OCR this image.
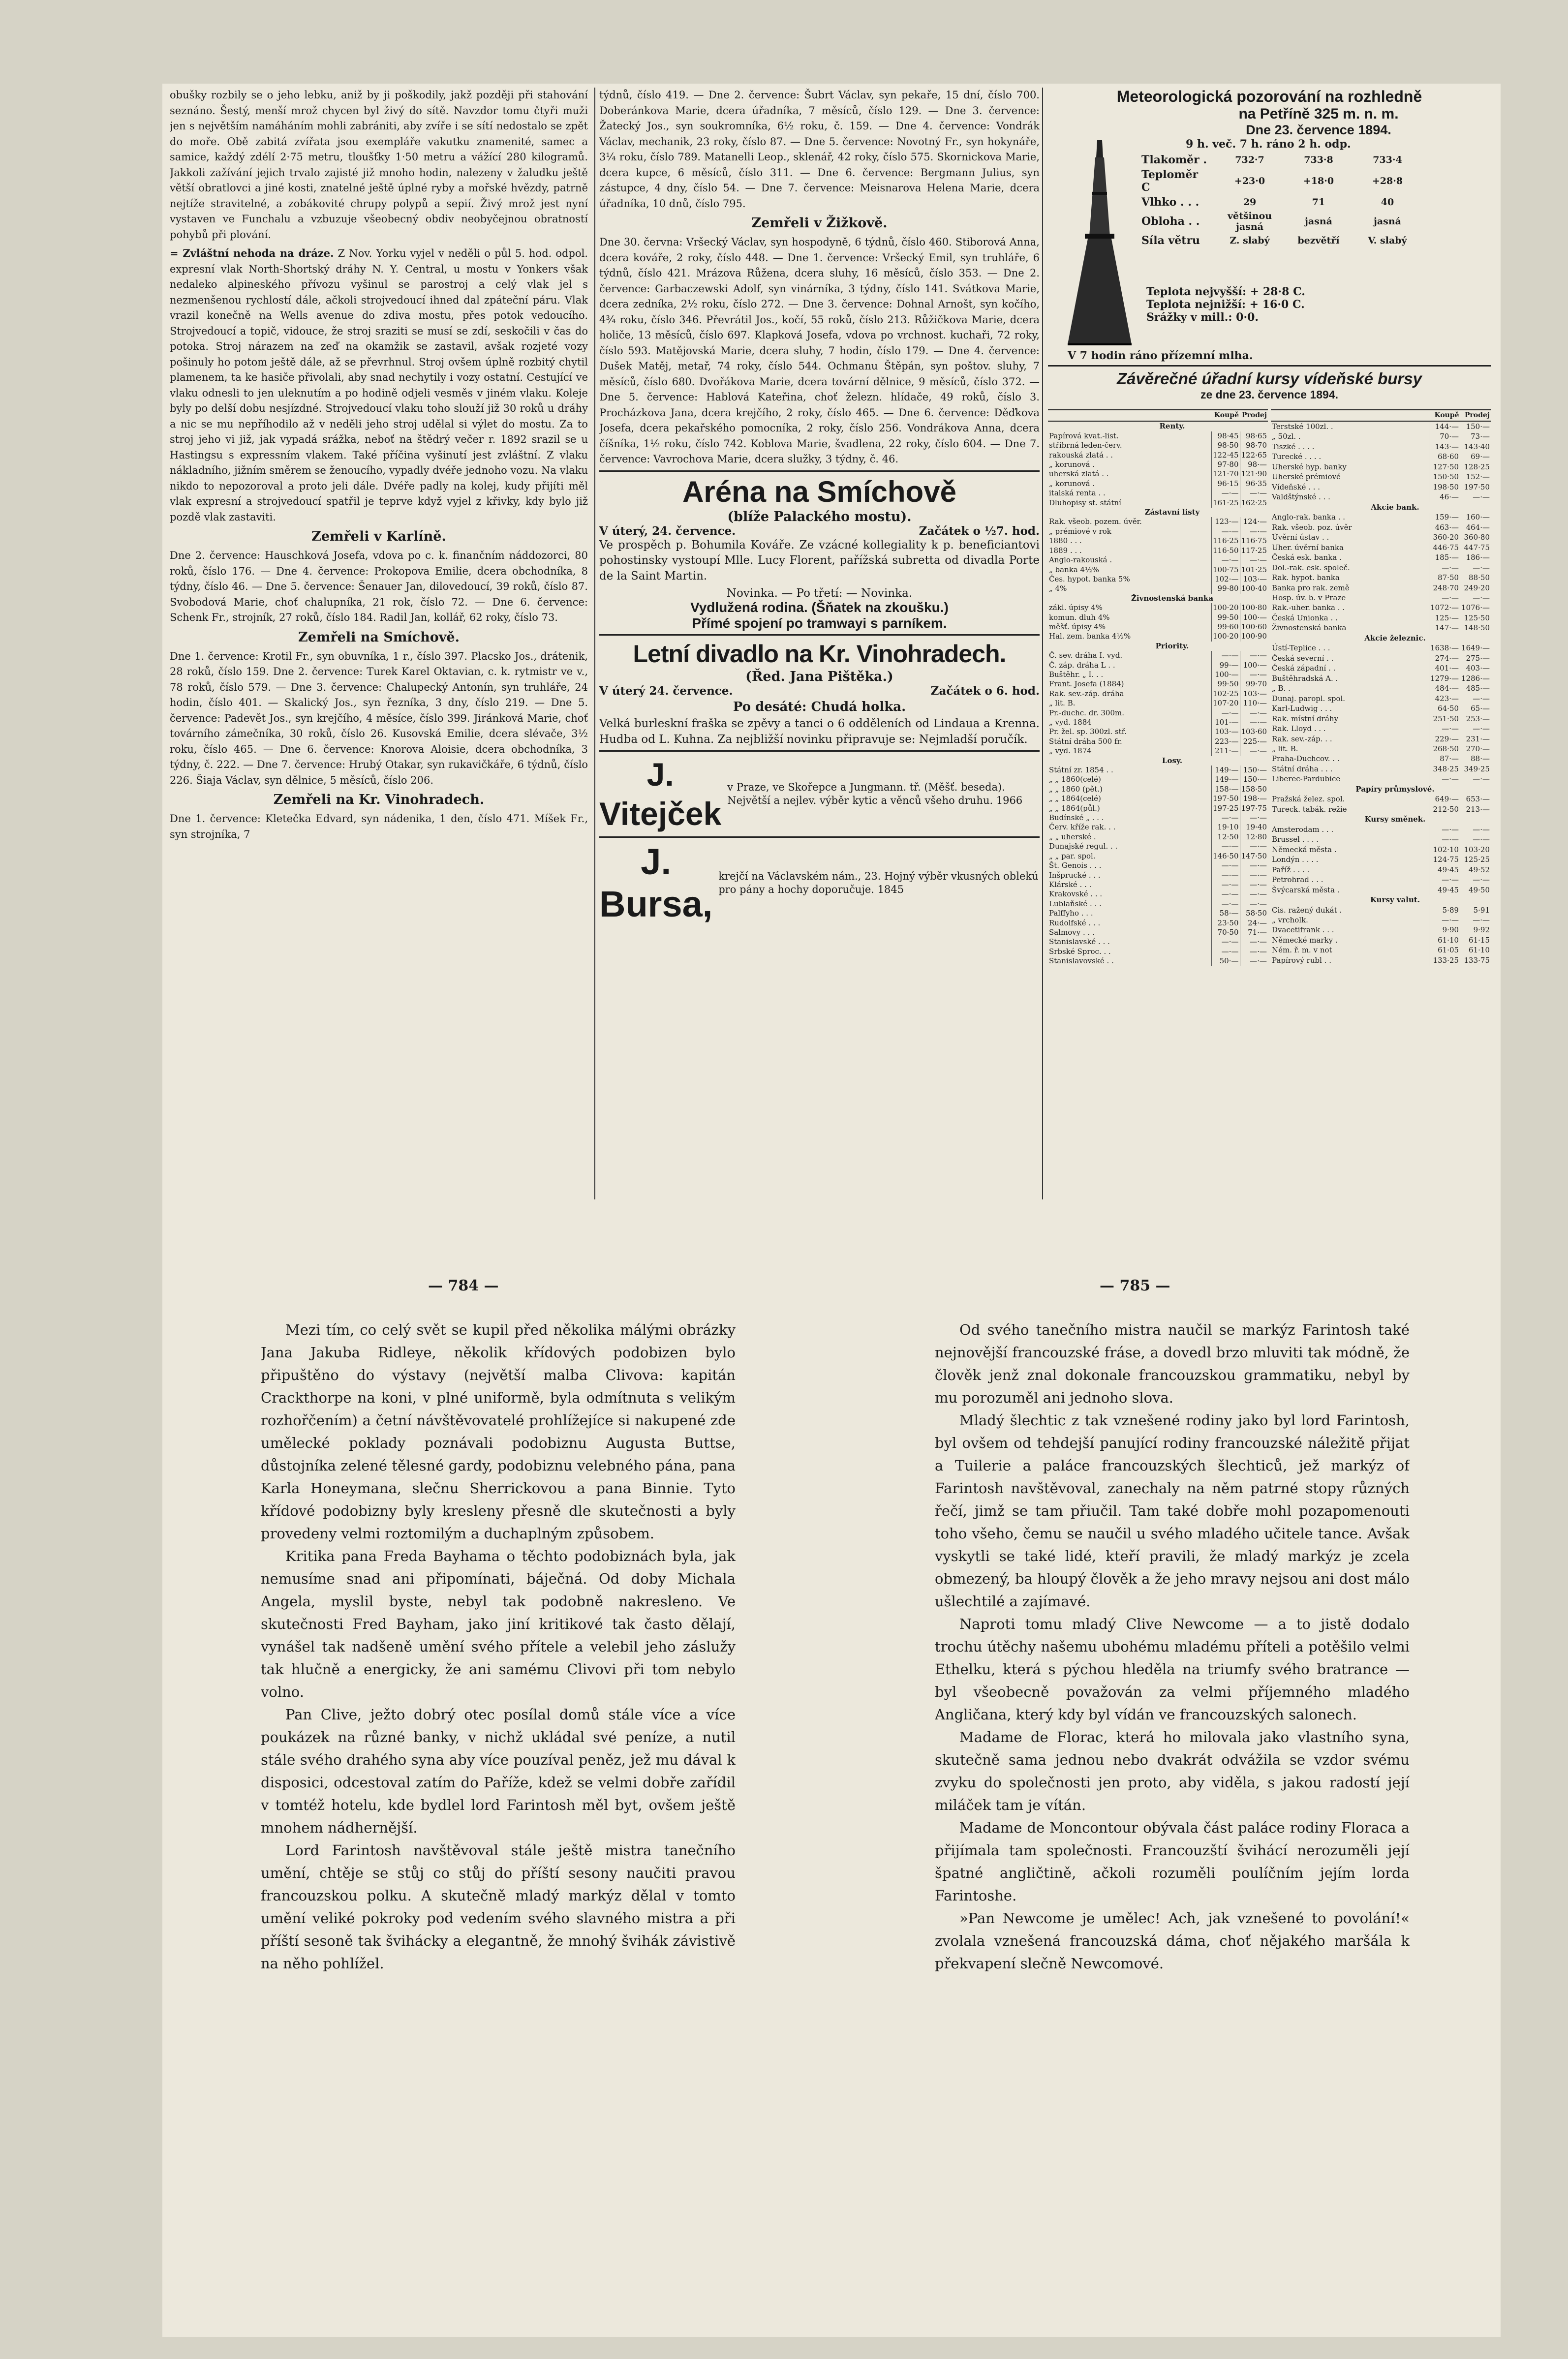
obušky rozbily se o jeho lebku, aniž by ji poškodily, jakž později při stahování seznáno. Šestý, menší mrož chycen byl živý do sítě. Navzdor tomu čtyři muži jen s největším namáháním mohli zabrániti, aby zvíře i se sítí nedostalo se zpět do moře. Obě zabitá zvířata jsou exempláře vakutku znamenité, samec a samice, každý zdélí 2·75 metru, tloušťky 1·50 metru a vážící 280 kilogramů. Jakkoli zažívání jejich trvalo zajisté již mnoho hodin, nalezeny v žaludku ještě větší obratlovci a jiné kosti, znatelné ještě úplné ryby a mořské hvězdy, patrně nejtíže stravitelné, a zobákovité chrupy polypů a sepií. Živý mrož jest nyní vystaven ve Funchalu a vzbuzuje všeobecný obdiv neobyčejnou obratností pohybů při plování.

= Zvláštní nehoda na dráze. Z Nov. Yorku vyjel v neděli o půl 5. hod. odpol. expresní vlak North-Shortský dráhy N. Y. Central, u mostu v Yonkers však nedaleko alpineského přívozu vyšinul se parostroj a celý vlak jel s nezmenšenou rychlostí dále, ačkoli strojvedoucí ihned dal zpáteční páru. Vlak vrazil konečně na Wells avenue do zdiva mostu, přes potok vedoucího. Strojvedoucí a topič, vidouce, že stroj sraziti se musí se zdí, seskočili v čas do potoka. Stroj nárazem na zeď na okamžik se zastavil, avšak rozjeté vozy pošinuly ho potom ještě dále, až se převrhnul. Stroj ovšem úplně rozbitý chytil plamenem, ta ke hasiče přivolali, aby snad nechytily i vozy ostatní. Cestující ve vlaku odnesli to jen uleknutím a po hodině odjeli vesměs v jiném vlaku. Koleje byly po delší dobu nesjízdné. Strojvedoucí vlaku toho slouží již 30 roků u dráhy a nic se mu nepříhodilo až v neděli jeho stroj udělal si výlet do mostu. Za to stroj jeho vi již, jak vypadá srážka, neboť na štědrý večer r. 1892 srazil se u Hastingsu s expressním vlakem. Také příčina vyšinutí jest zvláštní. Z vlaku nákladního, jižním směrem se ženoucího, vypadly dvéře jednoho vozu. Na vlaku nikdo to nepozoroval a proto jeli dále. Dvéře padly na kolej, kudy přijíti měl vlak expresní a strojvedoucí spatřil je teprve když vyjel z křivky, kdy bylo již pozdě vlak zastaviti.

Zemřeli v Karlíně.

Dne 2. července: Hauschková Josefa, vdova po c. k. finančním náddozorci, 80 roků, číslo 176. — Dne 4. července: Prokopova Emilie, dcera obchodníka, 8 týdny, číslo 46. — Dne 5. července: Šenauer Jan, dilovedoucí, 39 roků, číslo 87. Svobodová Marie, choť chalupníka, 21 rok, číslo 72. — Dne 6. července: Schenk Fr., strojník, 27 roků, číslo 184. Radil Jan, kollář, 62 roky, číslo 73.

Zemřeli na Smíchově.

Dne 1. července: Krotil Fr., syn obuvníka, 1 r., číslo 397. Placsko Jos., drátenik, 28 roků, číslo 159. Dne 2. července: Turek Karel Oktavian, c. k. rytmistr ve v., 78 roků, číslo 579. — Dne 3. července: Chalupecký Antonín, syn truhláře, 24 hodin, číslo 401. — Skalický Jos., syn řezníka, 3 dny, číslo 219. — Dne 5. července: Padevět Jos., syn krejčího, 4 měsíce, číslo 399. Jiránková Marie, choť továrního zámečníka, 30 roků, číslo 26. Kusovská Emilie, dcera slévače, 3½ roku, číslo 465. — Dne 6. července: Knorova Aloisie, dcera obchodníka, 3 týdny, č. 222. — Dne 7. července: Hrubý Otakar, syn rukavičkáře, 6 týdnů, číslo 226. Šiaja Václav, syn dělnice, 5 měsíců, číslo 206.

Zemřeli na Kr. Vinohradech.

Dne 1. července: Kletečka Edvard, syn nádenika, 1 den, číslo 471. Míšek Fr., syn strojníka, 7

týdnů, číslo 419. — Dne 2. července: Šubrt Václav, syn pekaře, 15 dní, číslo 700. Doberánkova Marie, dcera úřadníka, 7 měsíců, číslo 129. — Dne 3. července: Žatecký Jos., syn soukromníka, 6½ roku, č. 159. — Dne 4. července: Vondrák Václav, mechanik, 23 roky, číslo 87. — Dne 5. července: Novotný Fr., syn hokynáře, 3¼ roku, číslo 789. Matanelli Leop., sklenář, 42 roky, číslo 575. Skornickova Marie, dcera kupce, 6 měsíců, číslo 311. — Dne 6. července: Bergmann Julius, syn zástupce, 4 dny, číslo 54. — Dne 7. července: Meisnarova Helena Marie, dcera úřadníka, 10 dnů, číslo 795.

Zemřeli v Žižkově.

Dne 30. června: Vršecký Václav, syn hospodyně, 6 týdnů, číslo 460. Stiborová Anna, dcera kováře, 2 roky, číslo 448. — Dne 1. července: Vršecký Emil, syn truhláře, 6 týdnů, číslo 421. Mrázova Růžena, dcera sluhy, 16 měsíců, číslo 353. — Dne 2. července: Garbaczewski Adolf, syn vinárníka, 3 týdny, číslo 141. Svátkova Marie, dcera zedníka, 2½ roku, číslo 272. — Dne 3. července: Dohnal Arnošt, syn kočího, 4¾ roku, číslo 346. Převrátil Jos., kočí, 55 roků, číslo 213. Růžičkova Marie, dcera holiče, 13 měsíců, číslo 697. Klapková Josefa, vdova po vrchnost. kuchaři, 72 roky, číslo 593. Matějovská Marie, dcera sluhy, 7 hodin, číslo 179. — Dne 4. července: Dušek Matěj, metař, 74 roky, číslo 544. Ochmanu Štěpán, syn poštov. sluhy, 7 měsíců, číslo 680. Dvořákova Marie, dcera tovární dělnice, 9 měsíců, číslo 372. — Dne 5. července: Hablová Kateřina, choť železn. hlídače, 49 roků, číslo 3. Procházkova Jana, dcera krejčího, 2 roky, číslo 465. — Dne 6. července: Děďkova Josefa, dcera pekařského pomocníka, 2 roky, číslo 256. Vondrákova Anna, dcera číšníka, 1½ roku, číslo 742. Koblova Marie, švadlena, 22 roky, číslo 604. — Dne 7. července: Vavrochova Marie, dcera služky, 3 týdny, č. 46.

Aréna na Smíchově
(blíže Palackého mostu).
V úterý, 24. července.	Začátek o ½7. hod.

Ve prospěch p. Bohumila Kováře. Ze vzácné kollegiality k p. beneficiantovi pohostinsky vystoupí Mlle. Lucy Florent, pařížská subretta od divadla Porte de la Saint Martin.

Novinka. — Po třetí: — Novinka.
Vydlužená rodina. (Šňatek na zkoušku.)
Přímé spojení po tramwayi s parníkem.
Letní divadlo na Kr. Vinohradech.
(Řed. Jana Pištěka.)
V úterý 24. července.	Začátek o 6. hod.
Po desáté: Chudá holka.

Velká burleskní fraška se zpěvy a tanci o 6 odděleních od Lindaua a Krenna. Hudba od L. Kuhna. Za nejbližší novinku připravuje se: Nejmladší poručík.

J. Vitejček
v Praze, ve Skořepce a Jungmann. tř. (Měšť. beseda). Největší a nejlev. výběr kytic a věnců všeho druhu. 1966
J. Bursa,
krejčí na Václavském nám., 23. Hojný výběr vkusných oblekú pro pány a hochy doporučuje. 1845
Meteorologická pozorování na rozhledně
na Petříně 325 m. n. m.
Dne 23. července 1894.
9 h. več. 7 h. ráno 2 h. odp.
Tlakoměr .	732·7	733·8	733·4
Teploměr C	+23·0	+18·0	+28·8
Vlhko . . .	29	71	40
Obloha . .	většinou jasná	jasná	jasná
Síla větru	Z. slabý	bezvětří	V. slabý
Teplota nejvyšší: + 28·8 C.
Teplota nejnižší: + 16·0 C.
Srážky v mill.: 0·0.
V 7 hodin ráno přízemní mlha.
Závěrečné úřadní kursy vídeňské bursy
ze dne 23. července 1894.
	Koupě	Prodej
Renty.		
Papírová kvat.-list.	98·45	98·65
stříbrná leden-červ.	98·50	98·70
rakouská zlatá . .	122·45	122·65
„ korunová .	97·80	98·—
uherská zlatá . .	121·70	121·90
„ korunová .	96·15	96·35
italská renta . .	—·—	—·—
Dluhopisy st. státní	161·25	162·25
Zástavní listy		
Rak. všeob. pozem. úvěr.	123·—	124·—
„ prémiové v rok	—·—	—·—
1880 . . .	116·25	116·75
1889 . . .	116·50	117·25
Anglo-rakouská .	—·—	—·—
„ banka 4½%	100·75	101·25
Čes. hypot. banka 5%	102·—	103·—
„ 4%	99·80	100·40
Živnostenská banka		
zákl. úpisy 4%	100·20	100·80
komun. dluh 4%	99·50	100·—
měšť. úpisy 4%	99·60	100·60
Hal. zem. banka 4½%	100·20	100·90
Priority.		
Č. sev. dráha I. vyd.	—·—	—·—
Č. záp. dráha L . .	99·—	100·—
Buštěhr. „ I. . .	100·—	—·—
Frant. Josefa (1884)	99·50	99·70
Rak. sev.-záp. dráha	102·25	103·—
„ lit. B.	107·20	110·—
Pr.-duchc. dr. 300m.	—·—	—·—
„ vyd. 1884	101·—	—·—
Pr. žel. sp. 300zl. stř.	103·—	103·60
Státní dráha 500 fr.	223·—	225·—
„ vyd. 1874	211·—	—·—
Losy.		
Státní zr. 1854 . .	149·—	150·—
„ „ 1860(celé)	149·—	150·—
„ „ 1860 (pět.)	158·—	158·50
„ „ 1864(celé)	197·50	198·—
„ „ 1864(půl.)	197·25	197·75
Budínské „ . . .	—·—	—·—
Červ. kříže rak. . .	19·10	19·40
„ „ uherské .	12·50	12·80
Dunajské regul. . .	—·—	—·—
„ „ par. spol.	146·50	147·50
Št. Genois . . .	—·—	—·—
Inšprucké . . .	—·—	—·—
Klárské . . .	—·—	—·—
Krakovské . . .	—·—	—·—
Lublaňské . . .	—·—	—·—
Palffyho . . .	58·—	58·50
Rudolfské . . .	23·50	24·—
Salmovy . . .	70·50	71·—
Stanislavské . . .	—·—	—·—
Srbské Sproc. . .	—·—	—·—
Stanislavovské . .	50·—	—·—
	Koupě	Prodej
Terstské 100zl. .	144·—	150·—
„ 50zl. .	70·—	73·—
Tiszké . . . .	143·—	143·40
Turecké . . . .	68·60	69·—
Uherské hyp. banky	127·50	128·25
Uherské prémiové	150·50	152·—
Vídeňské . . .	198·50	197·50
Valdštýnské . . .	46·—	—·—
Akcie bank.		
Anglo-rak. banka . .	159·—	160·—
Rak. všeob. poz. úvěr	463·—	464·—
Úvěrní ústav . .	360·20	360·80
Uher. úvěrní banka	446·75	447·75
Česká esk. banka .	185·—	186·—
Dol.-rak. esk. společ.	—·—	—·—
Rak. hypot. banka	87·50	88·50
Banka pro rak. země	248·70	249·20
Hosp. úv. b. v Praze	—·—	—·—
Rak.-uher. banka . .	1072·—	1076·—
Česká Unionka . .	125·—	125·50
Živnostenská banka	147·—	148·50
Akcie železnic.		
Ústí-Teplice . . .	1638·—	1649·—
Česká severní . .	274·—	275·—
Česká západní . .	401·—	403·—
Buštěhradská A. .	1279·—	1286·—
„ B. .	484·—	485·—
Dunaj. paropl. spol.	423·—	—·—
Karl-Ludwig . . .	64·50	65·—
Rak. místní dráhy	251·50	253·—
Rak. Lloyd . . .	—·—	—·—
Rak. sev.-záp. . .	229·—	231·—
„ lit. B.	268·50	270·—
Praha-Duchcov. . .	87·—	88·—
Státní dráha . . .	348·25	349·25
Liberec-Pardubice	—·—	—·—
Papíry průmyslové.		
Pražská želez. spol.	649·—	653·—
Tureck. tabák. režie	212·50	213·—
Kursy směnek.		
Amsterodam . . .	—·—	—·—
Brussel . . . .	—·—	—·—
Německá města .	102·10	103·20
Londýn . . . .	124·75	125·25
Paříž . . . .	49·45	49·52
Petrohrad . . .	—·—	—·—
Švýcarská města .	49·45	49·50
Kursy valut.		
Cis. ražený dukát .	5·89	5·91
„ vrcholk.	—·—	—·—
Dvacetifrank . . .	9·90	9·92
Německé marky .	61·10	61·15
Ném. ř. m. v not	61·05	61·10
Papírový rubl . .	133·25	133·75
— 784 —	— 785 —

Mezi tím, co celý svět se kupil před několika málými obrázky Jana Jakuba Ridleye, několik křídových podobizen bylo připuštěno do výstavy (největší malba Clivova: kapitán Crackthorpe na koni, v plné uniformě, byla odmítnuta s velikým rozhořčením) a četní návštěvovatelé prohlížejíce si nakupené zde umělecké poklady poznávali podobiznu Augusta Buttse, důstojníka zelené tělesné gardy, podobiznu velebného pána, pana Karla Honeymana, slečnu Sherrickovou a pana Binnie. Tyto křídové podobizny byly kresleny přesně dle skutečnosti a byly provedeny velmi roztomilým a duchaplným způsobem.

Kritika pana Freda Bayhama o těchto podobiznách byla, jak nemusíme snad ani připomínati, báječná. Od doby Michala Angela, myslil byste, nebyl tak podobně nakresleno. Ve skutečnosti Fred Bayham, jako jiní kritikové tak často dělají, vynášel tak nadšeně umění svého přítele a velebil jeho záslužy tak hlučně a energicky, že ani samému Clivovi při tom nebylo volno.

Pan Clive, ježto dobrý otec posílal domů stále více a více poukázek na různé banky, v nichž ukládal své peníze, a nutil stále svého drahého syna aby více pouzíval peněz, jež mu dával k disposici, odcestoval zatím do Paříže, kdež se velmi dobře zařídil v tomtéž hotelu, kde bydlel lord Farintosh měl byt, ovšem ještě mnohem nádhernější.

Lord Farintosh navštěvoval stále ještě mistra tanečního umění, chtěje se stůj co stůj do příští sesony naučiti pravou francouzskou polku. A skutečně mladý markýz dělal v tomto umění veliké pokroky pod vedením svého slavného mistra a při příští sesoně tak švihácky a elegantně, že mnohý švihák závistivě na něho pohlížel.

Od svého tanečního mistra naučil se markýz Farintosh také nejnovější francouzské fráse, a dovedl brzo mluviti tak módně, že člověk jenž znal dokonale francouzskou grammatiku, nebyl by mu porozuměl ani jednoho slova.

Mladý šlechtic z tak vznešené rodiny jako byl lord Farintosh, byl ovšem od tehdejší panující rodiny francouzské náležitě přijat a Tuilerie a paláce francouzských šlechticů, jež markýz of Farintosh navštěvoval, zanechaly na něm patrné stopy různých řečí, jimž se tam přiučil. Tam také dobře mohl pozapomenouti toho všeho, čemu se naučil u svého mladého učitele tance. Avšak vyskytli se také lidé, kteří pravili, že mladý markýz je zcela obmezený, ba hloupý člověk a že jeho mravy nejsou ani dost málo ušlechtilé a zajímavé.

Naproti tomu mladý Clive Newcome — a to jistě dodalo trochu útěchy našemu ubohému mladému příteli a potěšilo velmi Ethelku, která s pýchou hleděla na triumfy svého bratrance — byl všeobecně považován za velmi příjemného mladého Angličana, který kdy byl vídán ve francouzských salonech.

Madame de Florac, která ho milovala jako vlastního syna, skutečně sama jednou nebo dvakrát odvážila se vzdor svému zvyku do společnosti jen proto, aby viděla, s jakou radostí její miláček tam je vítán.

Madame de Moncontour obývala část paláce rodiny Floraca a přijímala tam společnosti. Francouzští švihácí nerozuměli její špatné angličtině, ačkoli rozuměli poulíčním jejím lorda Farintoshe.

»Pan Newcome je umělec! Ach, jak vznešené to povolání!« zvolala vznešená francouzská dáma, choť nějakého maršála k překvapení slečně Newcomové.
